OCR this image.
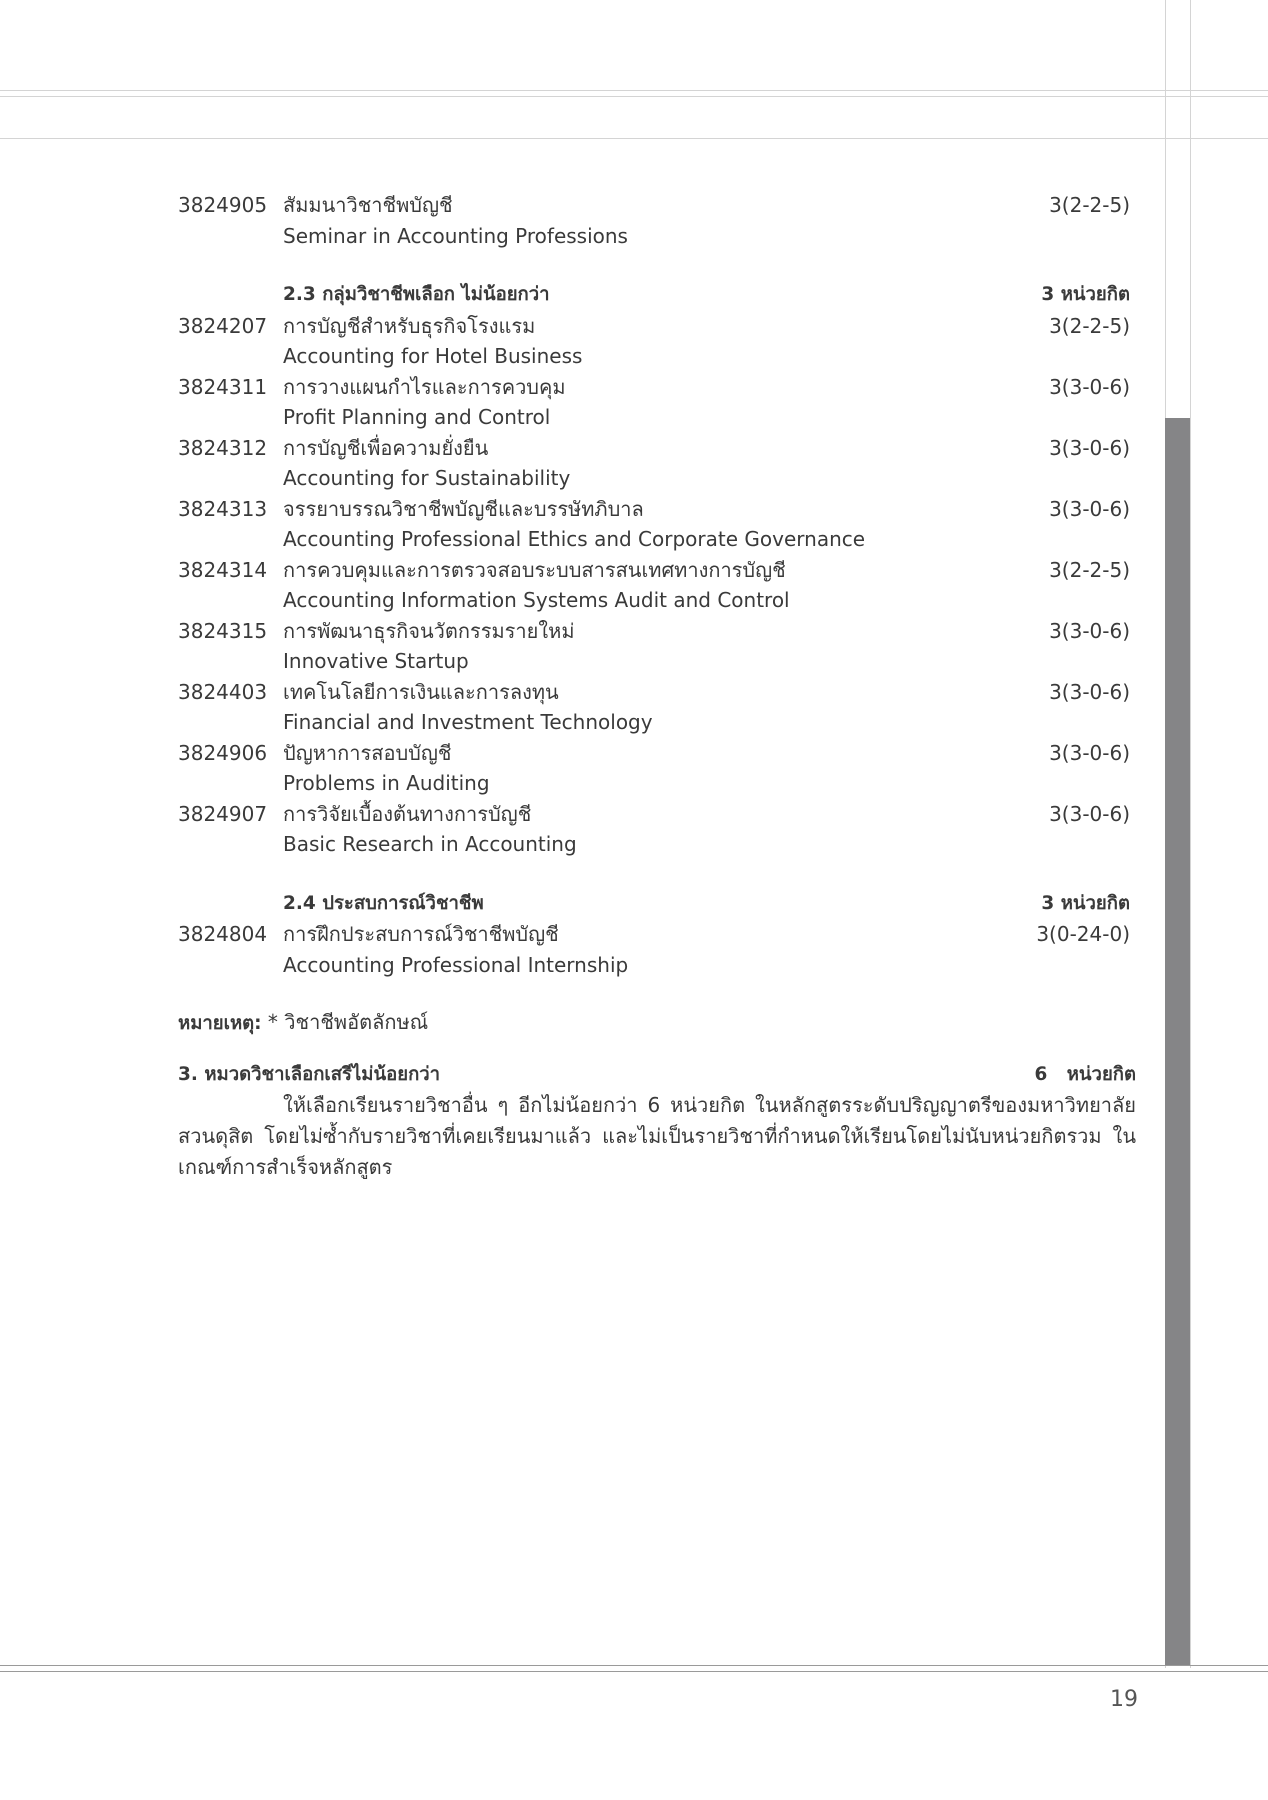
3824905 สัมมนาวิชาชีพบัญชี	3(2-2-5)
Seminar in Accounting Professions
2.3 กลุ่มวิชาชีพเลือก ไม่น้อยกว่า	3 หน่วยกิต
3824207 การบัญชีสำหรับธุรกิจโรงแรม	3(2-2-5)
Accounting for Hotel Business
3824311 การวางแผนกำไรและการควบคุม	3(3-0-6)
Profit Planning and Control
3824312 การบัญชีเพื่อความยั่งยืน	3(3-0-6)
Accounting for Sustainability
3824313 จรรยาบรรณวิชาชีพบัญชีและบรรษัทภิบาล	3(3-0-6)
Accounting Professional Ethics and Corporate Governance
3824314 การควบคุมและการตรวจสอบระบบสารสนเทศทางการบัญชี	3(2-2-5)
Accounting Information Systems Audit and Control
3824315 การพัฒนาธุรกิจนวัตกรรมรายใหม่	3(3-0-6)
Innovative Startup
3824403 เทคโนโลยีการเงินและการลงทุน	3(3-0-6)
Financial and Investment Technology
3824906 ปัญหาการสอบบัญชี	3(3-0-6)
Problems in Auditing
3824907 การวิจัยเบื้องต้นทางการบัญชี	3(3-0-6)
Basic Research in Accounting
2.4 ประสบการณ์วิชาชีพ	3 หน่วยกิต
3824804 การฝึกประสบการณ์วิชาชีพบัญชี	3(0-24-0)
Accounting Professional Internship
หมายเหตุ: * วิชาชีพอัตลักษณ์
3. หมวดวิชาเลือกเสรีไม่น้อยกว่า	6   หน่วยกิต
ให้เลือกเรียนรายวิชาอื่น ๆ อีกไม่น้อยกว่า 6 หน่วยกิต ในหลักสูตรระดับปริญญาตรีของมหาวิทยาลัยสวนดุสิต โดยไม่ซ้ำกับรายวิชาที่เคยเรียนมาแล้ว และไม่เป็นรายวิชาที่กำหนดให้เรียนโดยไม่นับหน่วยกิตรวม ในเกณฑ์การสำเร็จหลักสูตร
19
